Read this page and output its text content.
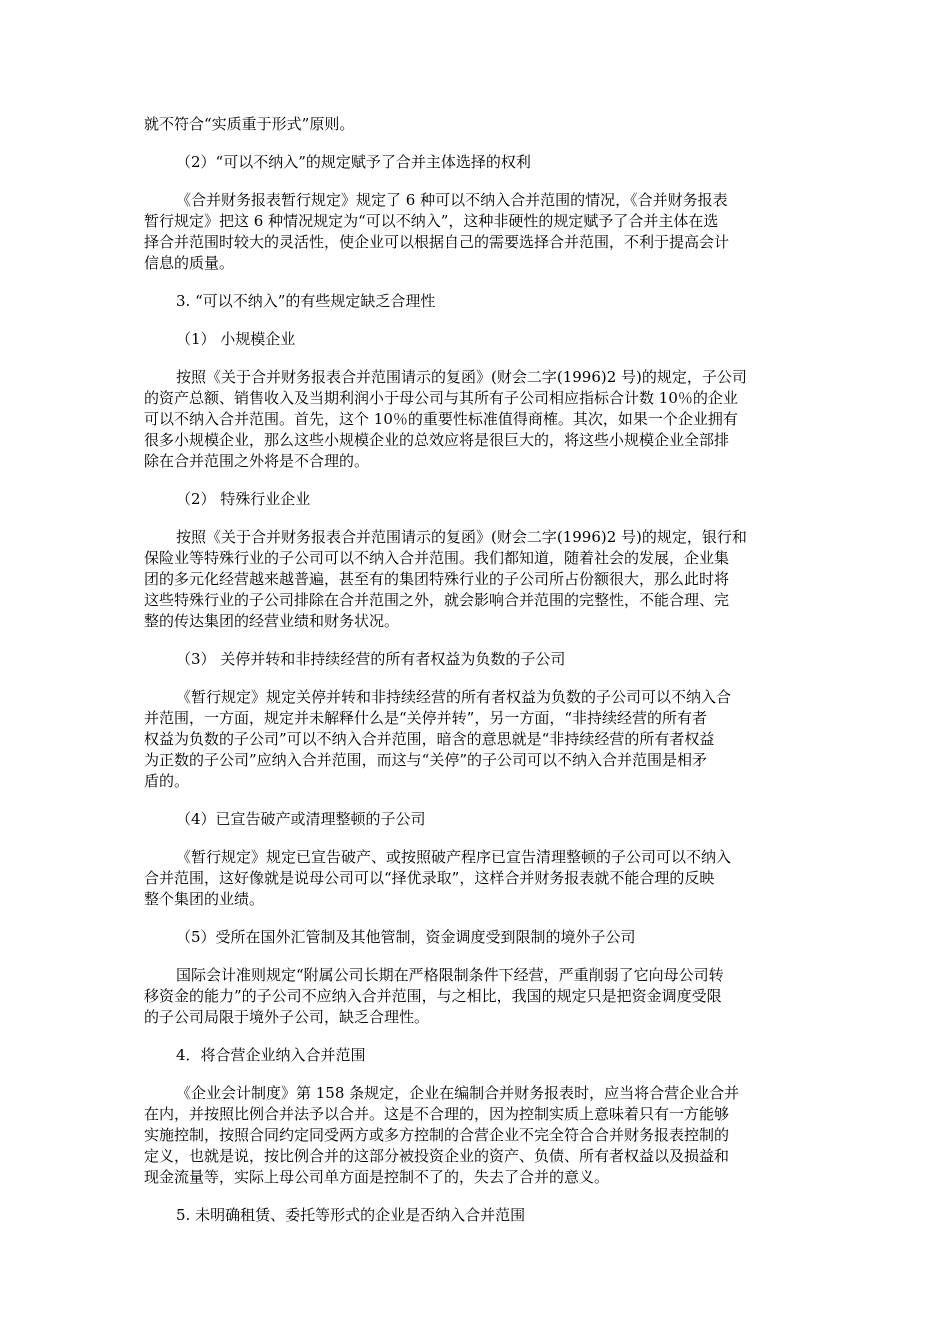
就不符合“实质重于形式”原则。

（2）“可以不纳入”的规定赋予了合并主体选择的权利

《合并财务报表暂行规定》规定了 6 种可以不纳入合并范围的情况，《合并财务报表
暂行规定》把这 6 种情况规定为“可以不纳入”，这种非硬性的规定赋予了合并主体在选
择合并范围时较大的灵活性，使企业可以根据自己的需要选择合并范围，不利于提高会计
信息的质量。

3. “可以不纳入”的有些规定缺乏合理性

（1） 小规模企业

按照《关于合并财务报表合并范围请示的复函》(财会二字(1996)2 号)的规定，子公司
的资产总额、销售收入及当期利润小于母公司与其所有子公司相应指标合计数 10％的企业
可以不纳入合并范围。首先，这个 10％的重要性标准值得商榷。其次，如果一个企业拥有
很多小规模企业，那么这些小规模企业的总效应将是很巨大的，将这些小规模企业全部排
除在合并范围之外将是不合理的。

（2） 特殊行业企业

按照《关于合并财务报表合并范围请示的复函》(财会二字(1996)2 号)的规定，银行和
保险业等特殊行业的子公司可以不纳入合并范围。我们都知道，随着社会的发展，企业集
团的多元化经营越来越普遍，甚至有的集团特殊行业的子公司所占份额很大，那么此时将
这些特殊行业的子公司排除在合并范围之外，就会影响合并范围的完整性，不能合理、完
整的传达集团的经营业绩和财务状况。

（3） 关停并转和非持续经营的所有者权益为负数的子公司

《暂行规定》规定关停并转和非持续经营的所有者权益为负数的子公司可以不纳入合
并范围，一方面，规定并未解释什么是“关停并转”，另一方面，“非持续经营的所有者
权益为负数的子公司”可以不纳入合并范围，暗含的意思就是“非持续经营的所有者权益
为正数的子公司”应纳入合并范围，而这与“关停”的子公司可以不纳入合并范围是相矛
盾的。

（4）已宣告破产或清理整顿的子公司

《暂行规定》规定已宣告破产、或按照破产程序已宣告清理整顿的子公司可以不纳入
合并范围，这好像就是说母公司可以“择优录取”，这样合并财务报表就不能合理的反映
整个集团的业绩。

（5）受所在国外汇管制及其他管制，资金调度受到限制的境外子公司

国际会计准则规定“附属公司长期在严格限制条件下经营，严重削弱了它向母公司转
移资金的能力”的子公司不应纳入合并范围，与之相比，我国的规定只是把资金调度受限
的子公司局限于境外子公司，缺乏合理性。

4．将合营企业纳入合并范围

《企业会计制度》第 158 条规定，企业在编制合并财务报表时，应当将合营企业合并
在内，并按照比例合并法予以合并。这是不合理的，因为控制实质上意味着只有一方能够
实施控制，按照合同约定同受两方或多方控制的合营企业不完全符合合并财务报表控制的
定义，也就是说，按比例合并的这部分被投资企业的资产、负债、所有者权益以及损益和
现金流量等，实际上母公司单方面是控制不了的，失去了合并的意义。

5. 未明确租赁、委托等形式的企业是否纳入合并范围
